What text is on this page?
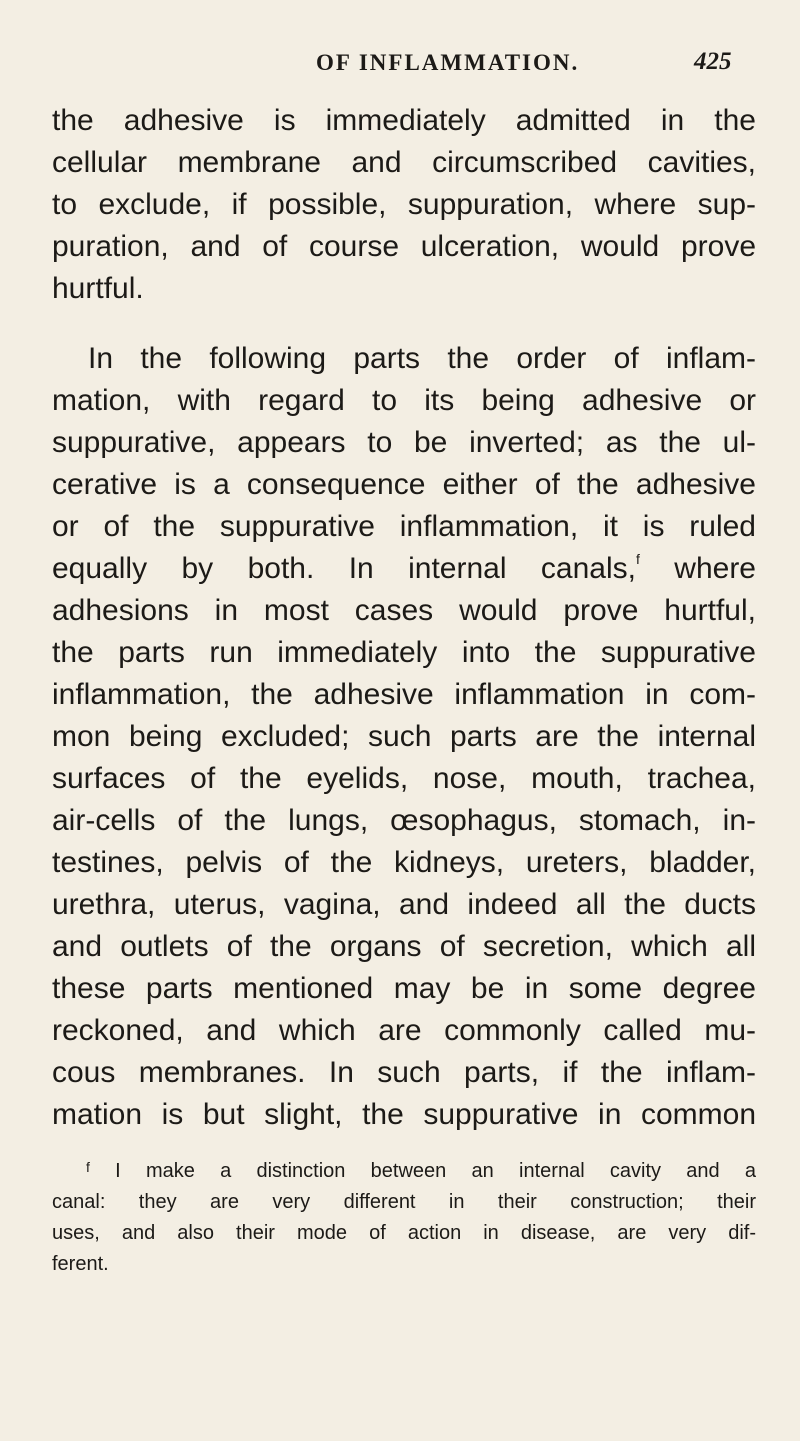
OF INFLAMMATION.	425
the adhesive is immediately admitted in the
cellular membrane and circumscribed cavities,
to exclude, if possible, suppuration, where sup-
puration, and of course ulceration, would prove
hurtful.
In the following parts the order of inflam-
mation, with regard to its being adhesive or
suppurative, appears to be inverted; as the ul-
cerative is a consequence either of the adhesive
or of the suppurative inflammation, it is ruled
equally by both. In internal canals,$^f$ where
adhesions in most cases would prove hurtful,
the parts run immediately into the suppurative
inflammation, the adhesive inflammation in com-
mon being excluded; such parts are the internal
surfaces of the eyelids, nose, mouth, trachea,
air-cells of the lungs, œsophagus, stomach, in-
testines, pelvis of the kidneys, ureters, bladder,
urethra, uterus, vagina, and indeed all the ducts
and outlets of the organs of secretion, which all
these parts mentioned may be in some degree
reckoned, and which are commonly called mu-
cous membranes. In such parts, if the inflam-
mation is but slight, the suppurative in common
$^f$ I make a distinction between an internal cavity and a
canal: they are very different in their construction; their
uses, and also their mode of action in disease, are very dif-
ferent.
